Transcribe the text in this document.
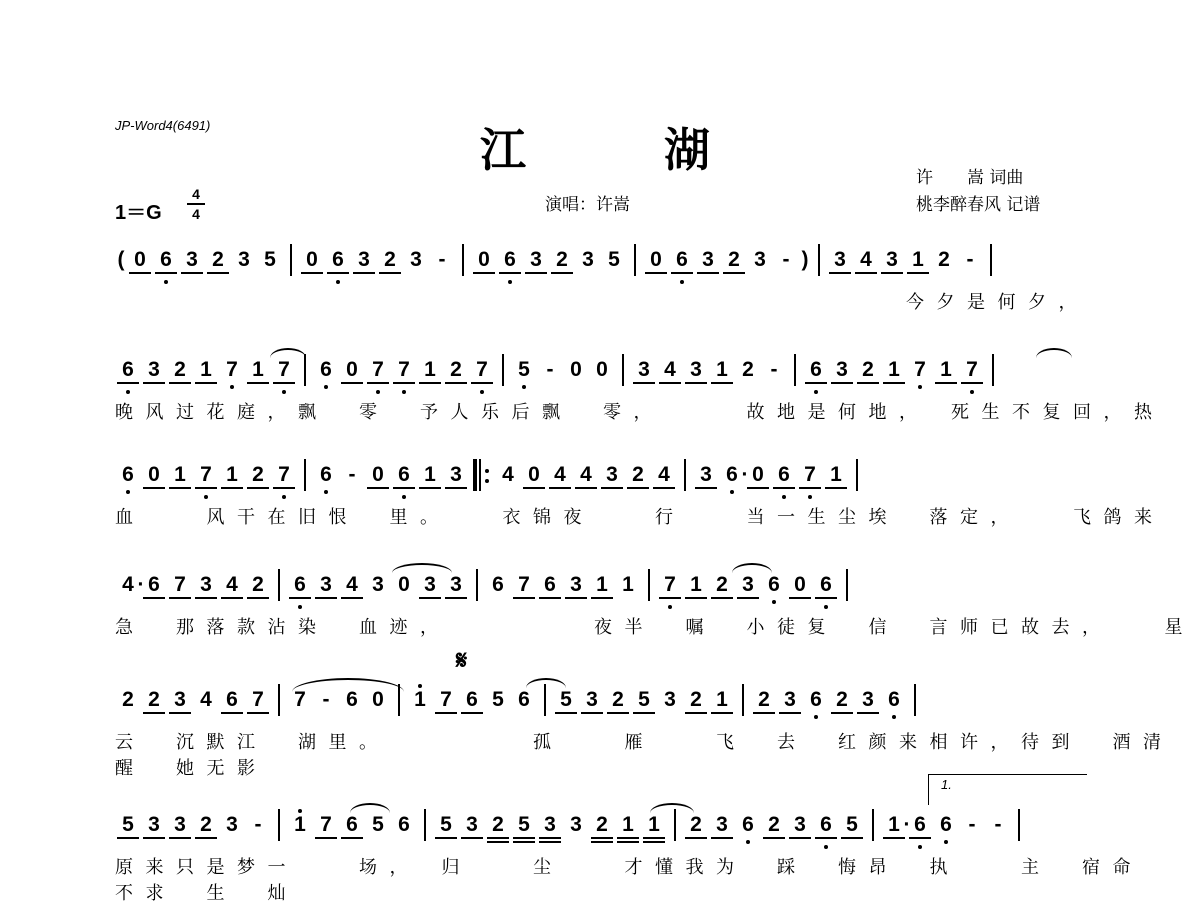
JP-Word4(6491)	江　　　湖
许　　嵩 词曲
桃李醉春风 记谱
演唱：许嵩
1＝G
4
4
( 0 6 3 2 3 5 0 6 3 2 3 - 0 6 3 2 3 5 0 6 3 2 3 - ) 3 4 3 1 2 -
今夕是何夕，
6 3 2 1 7 1 7 6 0 7 7 1 2 7 5 - 0 0 3 4 3 1 2 - 6 3 2 1 7 1 7
晚风过花庭，飘　零　予人乐后飘　零，　　　故地是何地，　死生不复回，热
6 0 1 7 1 2 7 6 - 0 6 1 3 4 0 4 4 3 2 4 3 6 · 0 6 7 1
血　　风干在旧恨　里。　　衣锦夜　　行　　当一生尘埃　落定，　　飞鸽来
4 · 6 7 3 4 2 6 3 4 3 0 3 3 6 7 6 3 1 1 7 1 2 3 6 0 6
急　那落款沾染　血迹，　　　　　夜半　嘱　小徒复　信　言师已故去，　　星
2 2 3 4 6 7 7 - 6 0 1 7 6 5 6 5 3 2 5 3 2 1 2 3 6 2 3 6
云　沉默江　湖里。　　　　　孤　　雁　　飞　去　红颜来相许，待到　酒清醒　她无影
𝄋
1.
5 3 3 2 3 - 1 7 6 5 6 5 3 2 5 3 3 2 1 1 2 3 6 2 3 6 5 1 · 6 6 - -
原来只是梦一　　场，　归　　尘　　才懂我为　踩　悔昂　执　　主　宿命　不求　生　灿
